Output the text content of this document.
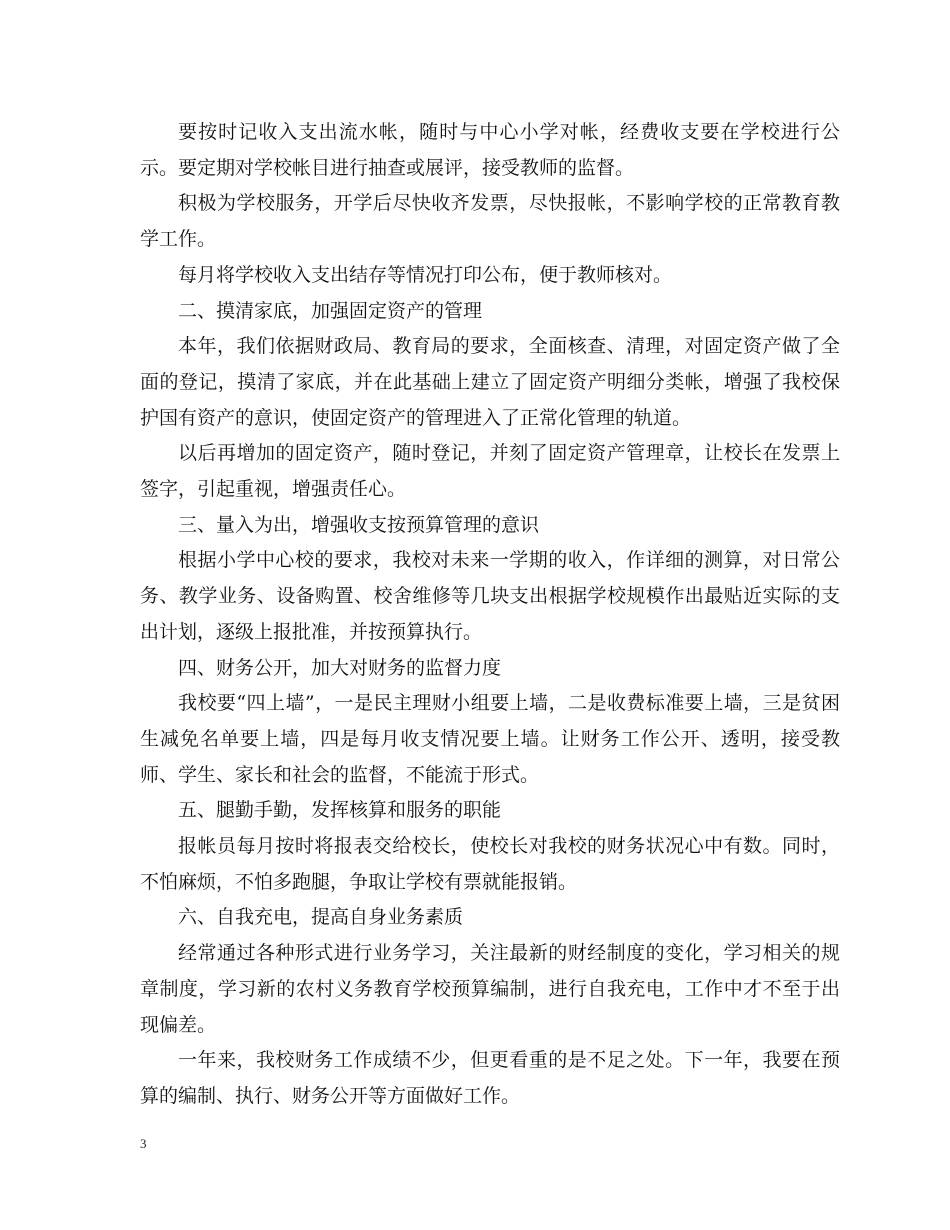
要按时记收入支出流水帐，随时与中心小学对帐，经费收支要在学校进行公示。要定期对学校帐目进行抽查或展评，接受教师的监督。

积极为学校服务，开学后尽快收齐发票，尽快报帐，不影响学校的正常教育教学工作。

每月将学校收入支出结存等情况打印公布，便于教师核对。

二、摸清家底，加强固定资产的管理

本年，我们依据财政局、教育局的要求，全面核查、清理，对固定资产做了全面的登记，摸清了家底，并在此基础上建立了固定资产明细分类帐，增强了我校保护国有资产的意识，使固定资产的管理进入了正常化管理的轨道。

以后再增加的固定资产，随时登记，并刻了固定资产管理章，让校长在发票上签字，引起重视，增强责任心。

三、量入为出，增强收支按预算管理的意识

根据小学中心校的要求，我校对未来一学期的收入，作详细的测算，对日常公务、教学业务、设备购置、校舍维修等几块支出根据学校规模作出最贴近实际的支出计划，逐级上报批准，并按预算执行。

四、财务公开，加大对财务的监督力度

我校要“四上墙”，一是民主理财小组要上墙，二是收费标准要上墙，三是贫困生减免名单要上墙，四是每月收支情况要上墙。让财务工作公开、透明，接受教师、学生、家长和社会的监督，不能流于形式。

五、腿勤手勤，发挥核算和服务的职能

报帐员每月按时将报表交给校长，使校长对我校的财务状况心中有数。同时，不怕麻烦，不怕多跑腿，争取让学校有票就能报销。

六、自我充电，提高自身业务素质

经常通过各种形式进行业务学习，关注最新的财经制度的变化，学习相关的规章制度，学习新的农村义务教育学校预算编制，进行自我充电，工作中才不至于出现偏差。

一年来，我校财务工作成绩不少，但更看重的是不足之处。下一年，我要在预算的编制、执行、财务公开等方面做好工作。

3
